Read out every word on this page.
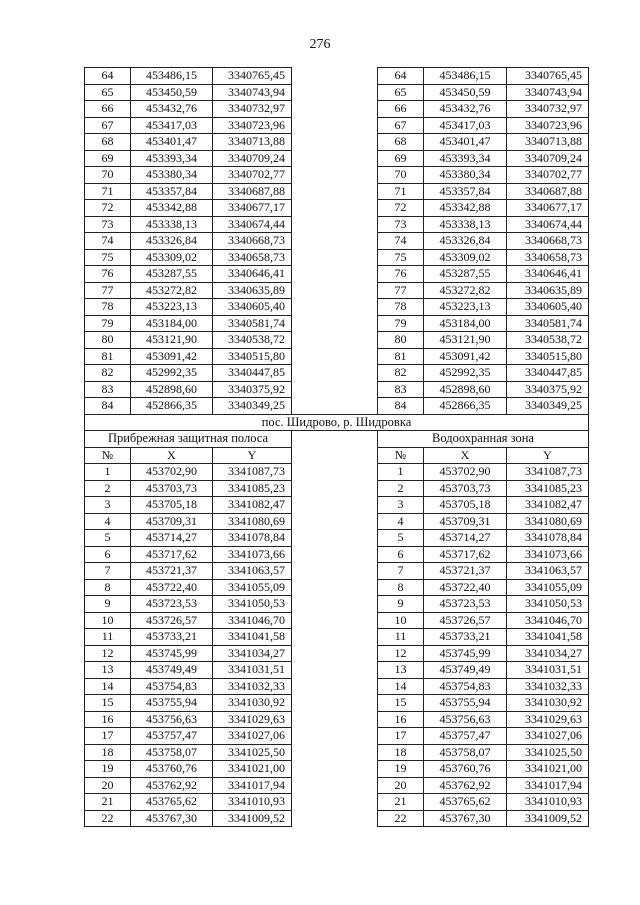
276
64	453486,15	3340765,45		64	453486,15	3340765,45
65	453450,59	3340743,94		65	453450,59	3340743,94
66	453432,76	3340732,97		66	453432,76	3340732,97
67	453417,03	3340723,96		67	453417,03	3340723,96
68	453401,47	3340713,88		68	453401,47	3340713,88
69	453393,34	3340709,24		69	453393,34	3340709,24
70	453380,34	3340702,77		70	453380,34	3340702,77
71	453357,84	3340687,88		71	453357,84	3340687,88
72	453342,88	3340677,17		72	453342,88	3340677,17
73	453338,13	3340674,44		73	453338,13	3340674,44
74	453326,84	3340668,73		74	453326,84	3340668,73
75	453309,02	3340658,73		75	453309,02	3340658,73
76	453287,55	3340646,41		76	453287,55	3340646,41
77	453272,82	3340635,89		77	453272,82	3340635,89
78	453223,13	3340605,40		78	453223,13	3340605,40
79	453184,00	3340581,74		79	453184,00	3340581,74
80	453121,90	3340538,72		80	453121,90	3340538,72
81	453091,42	3340515,80		81	453091,42	3340515,80
82	452992,35	3340447,85		82	452992,35	3340447,85
83	452898,60	3340375,92		83	452898,60	3340375,92
84	452866,35	3340349,25		84	452866,35	3340349,25
пос. Шидрово, р. Шидровка						
Прибрежная защитная полоса				Водоохранная зона		
№	X	Y		№	X	Y
1	453702,90	3341087,73		1	453702,90	3341087,73
2	453703,73	3341085,23		2	453703,73	3341085,23
3	453705,18	3341082,47		3	453705,18	3341082,47
4	453709,31	3341080,69		4	453709,31	3341080,69
5	453714,27	3341078,84		5	453714,27	3341078,84
6	453717,62	3341073,66		6	453717,62	3341073,66
7	453721,37	3341063,57		7	453721,37	3341063,57
8	453722,40	3341055,09		8	453722,40	3341055,09
9	453723,53	3341050,53		9	453723,53	3341050,53
10	453726,57	3341046,70		10	453726,57	3341046,70
11	453733,21	3341041,58		11	453733,21	3341041,58
12	453745,99	3341034,27		12	453745,99	3341034,27
13	453749,49	3341031,51		13	453749,49	3341031,51
14	453754,83	3341032,33		14	453754,83	3341032,33
15	453755,94	3341030,92		15	453755,94	3341030,92
16	453756,63	3341029,63		16	453756,63	3341029,63
17	453757,47	3341027,06		17	453757,47	3341027,06
18	453758,07	3341025,50		18	453758,07	3341025,50
19	453760,76	3341021,00		19	453760,76	3341021,00
20	453762,92	3341017,94		20	453762,92	3341017,94
21	453765,62	3341010,93		21	453765,62	3341010,93
22	453767,30	3341009,52		22	453767,30	3341009,52
